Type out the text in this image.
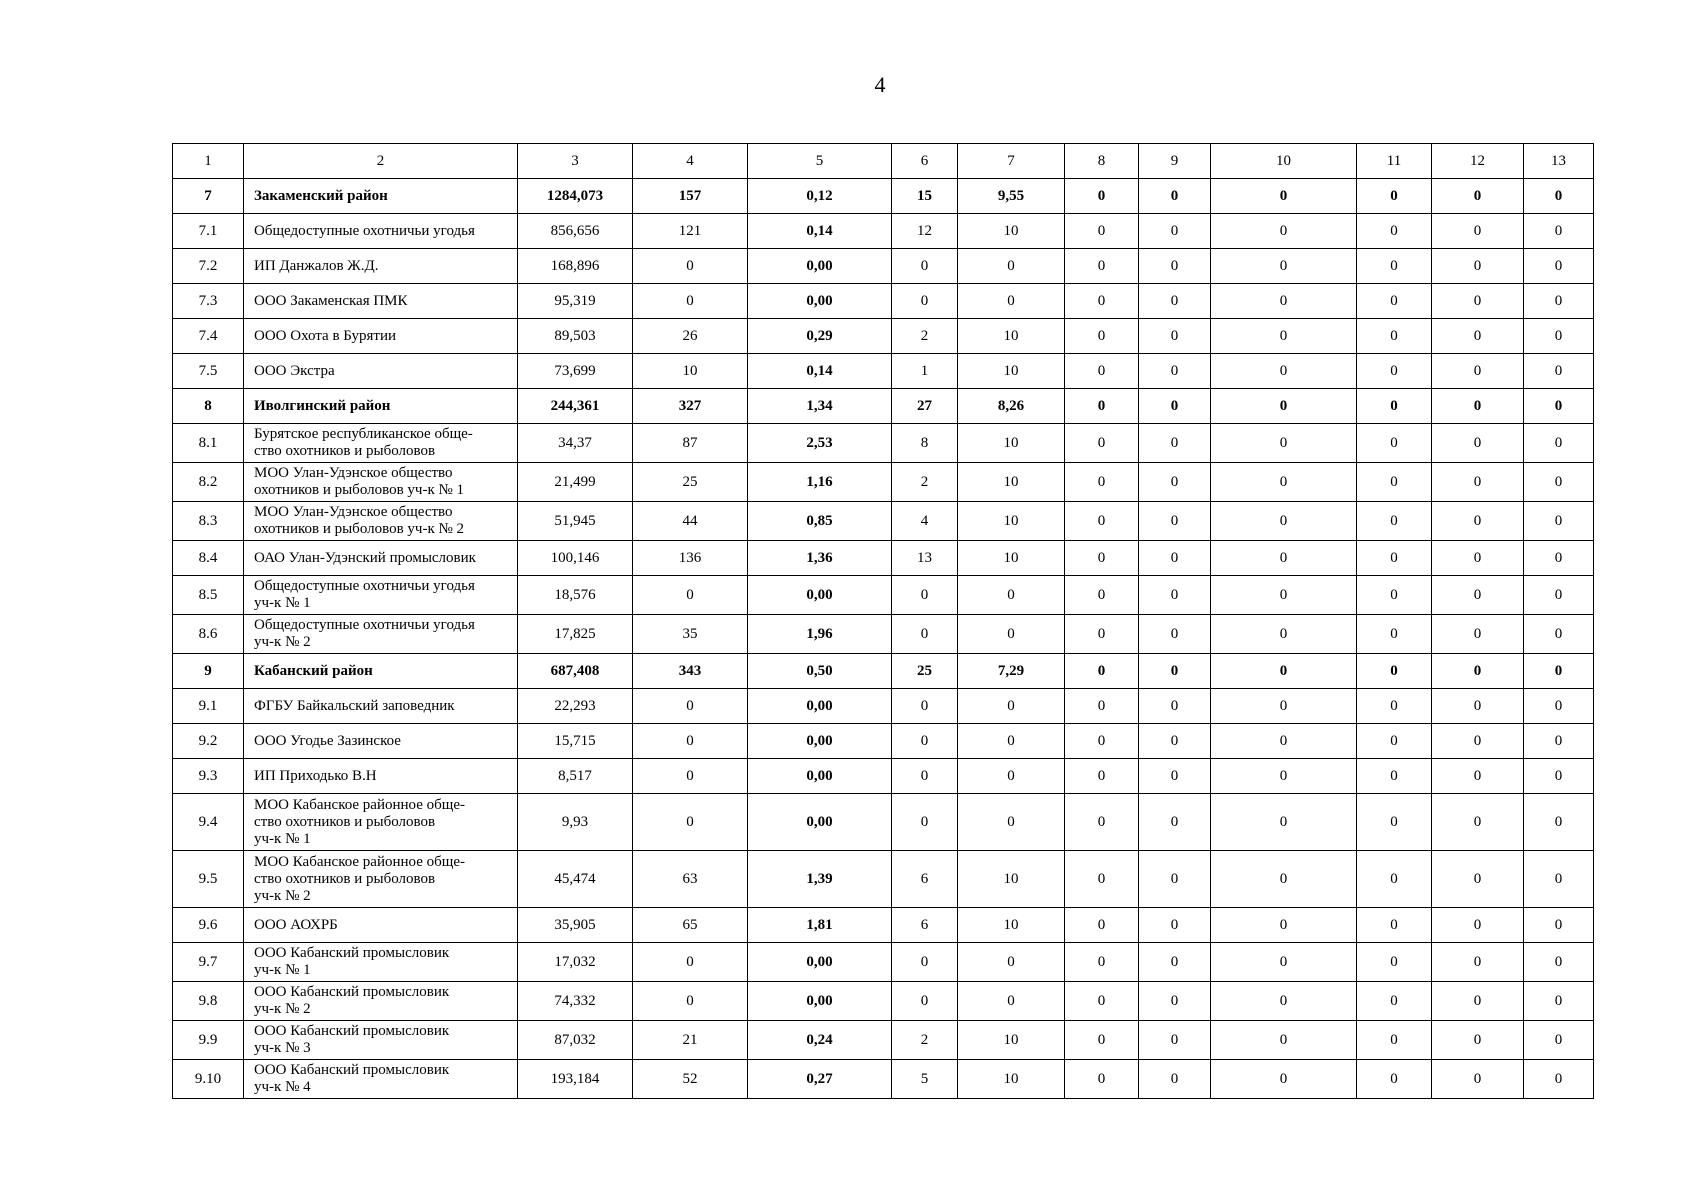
4
1	2	3	4	5	6	7	8	9	10	11	12	13
7	Закаменский район	1284,073	157	0,12	15	9,55	0	0	0	0	0	0
7.1	Общедоступные охотничьи угодья	856,656	121	0,14	12	10	0	0	0	0	0	0
7.2	ИП Данжалов Ж.Д.	168,896	0	0,00	0	0	0	0	0	0	0	0
7.3	ООО Закаменская ПМК	95,319	0	0,00	0	0	0	0	0	0	0	0
7.4	ООО Охота в Бурятии	89,503	26	0,29	2	10	0	0	0	0	0	0
7.5	ООО Экстра	73,699	10	0,14	1	10	0	0	0	0	0	0
8	Иволгинский район	244,361	327	1,34	27	8,26	0	0	0	0	0	0
8.1	Бурятское республиканское обще-
ство охотников и рыболовов	34,37	87	2,53	8	10	0	0	0	0	0	0
8.2	МОО Улан-Удэнское общество
охотников и рыболовов уч-к № 1	21,499	25	1,16	2	10	0	0	0	0	0	0
8.3	МОО Улан-Удэнское общество
охотников и рыболовов уч-к № 2	51,945	44	0,85	4	10	0	0	0	0	0	0
8.4	ОАО Улан-Удэнский промысловик	100,146	136	1,36	13	10	0	0	0	0	0	0
8.5	Общедоступные охотничьи угодья
уч-к № 1	18,576	0	0,00	0	0	0	0	0	0	0	0
8.6	Общедоступные охотничьи угодья
уч-к № 2	17,825	35	1,96	0	0	0	0	0	0	0	0
9	Кабанский район	687,408	343	0,50	25	7,29	0	0	0	0	0	0
9.1	ФГБУ Байкальский заповедник	22,293	0	0,00	0	0	0	0	0	0	0	0
9.2	ООО Угодье Зазинское	15,715	0	0,00	0	0	0	0	0	0	0	0
9.3	ИП Приходько В.Н	8,517	0	0,00	0	0	0	0	0	0	0	0
9.4	МОО Кабанское районное обще-
ство охотников и рыболовов
уч-к № 1	9,93	0	0,00	0	0	0	0	0	0	0	0
9.5	МОО Кабанское районное обще-
ство охотников и рыболовов
уч-к № 2	45,474	63	1,39	6	10	0	0	0	0	0	0
9.6	ООО АОХРБ	35,905	65	1,81	6	10	0	0	0	0	0	0
9.7	ООО Кабанский промысловик
уч-к № 1	17,032	0	0,00	0	0	0	0	0	0	0	0
9.8	ООО Кабанский промысловик
уч-к № 2	74,332	0	0,00	0	0	0	0	0	0	0	0
9.9	ООО Кабанский промысловик
уч-к № 3	87,032	21	0,24	2	10	0	0	0	0	0	0
9.10	ООО Кабанский промысловик
уч-к № 4	193,184	52	0,27	5	10	0	0	0	0	0	0
